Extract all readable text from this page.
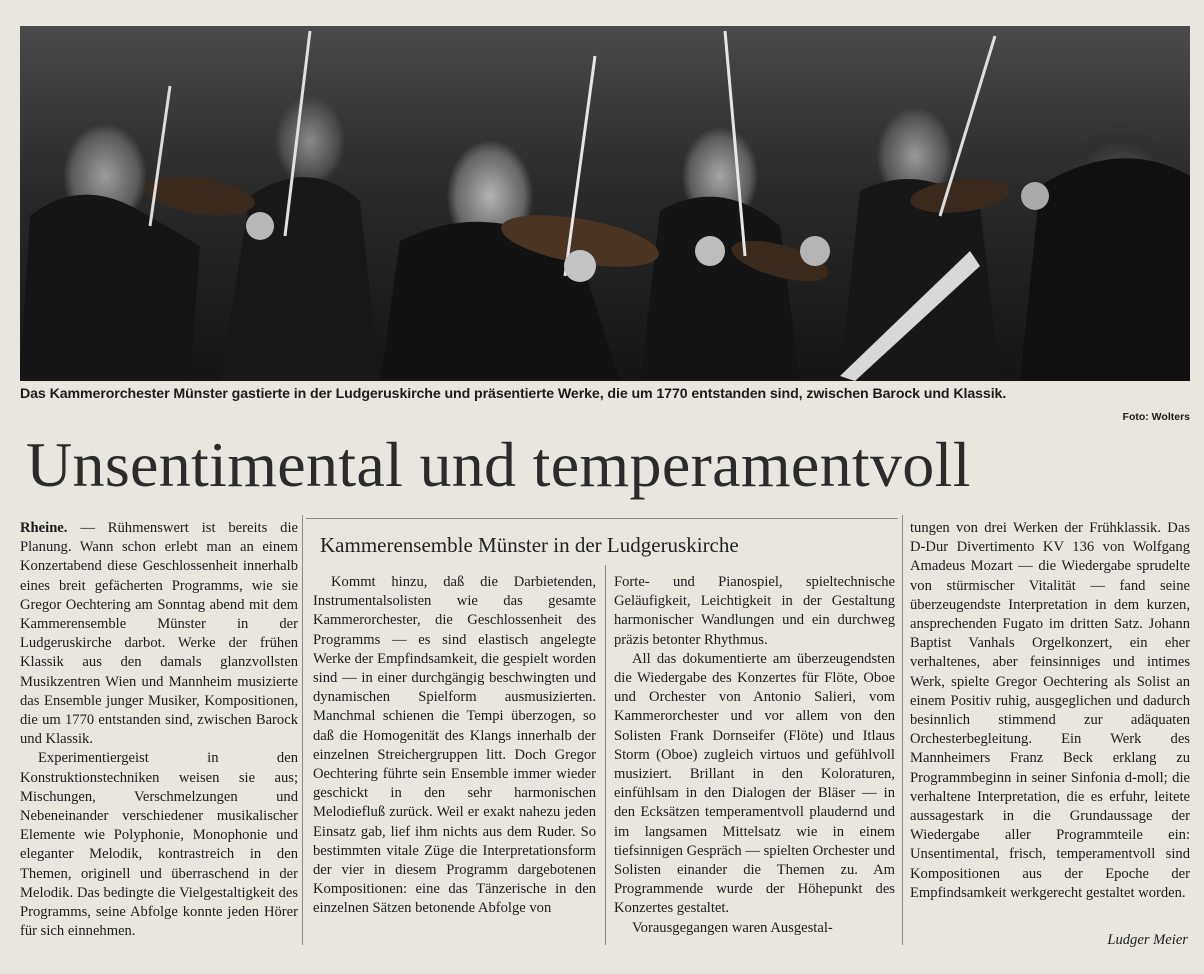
Das Kammerorchester Münster gastierte in der Ludgeruskirche und präsentierte Werke, die um 1770 entstanden sind, zwischen Barock und Klassik.
Foto: Wolters
Unsentimental und temperamentvoll
Kammerensemble Münster in der Ludgeruskirche

Rheine. — Rühmenswert ist bereits die Planung. Wann schon erlebt man an einem Konzertabend diese Geschlossenheit innerhalb eines breit gefächerten Programms, wie sie Gregor Oechtering am Sonntag abend mit dem Kammerensemble Münster in der Ludgeruskirche darbot. Werke der frühen Klassik aus den damals glanzvollsten Musikzentren Wien und Mannheim musizierte das Ensemble junger Musiker, Kompositionen, die um 1770 entstanden sind, zwischen Barock und Klassik.

Experimentiergeist in den Konstruktionstechniken weisen sie aus; Mischungen, Verschmelzungen und Nebeneinander verschiedener musikalischer Elemente wie Polyphonie, Monophonie und eleganter Melodik, kontrastreich in den Themen, originell und überraschend in der Melodik. Das bedingte die Vielgestaltigkeit des Programms, seine Abfolge konnte jeden Hörer für sich einnehmen.

Kommt hinzu, daß die Darbietenden, Instrumentalsolisten wie das gesamte Kammerorchester, die Geschlossenheit des Programms — es sind elastisch angelegte Werke der Empfindsamkeit, die gespielt worden sind — in einer durchgängig beschwingten und dynamischen Spielform ausmusizierten. Manchmal schienen die Tempi überzogen, so daß die Homogenität des Klangs innerhalb der einzelnen Streichergruppen litt. Doch Gregor Oechtering führte sein Ensemble immer wieder geschickt in den sehr harmonischen Melodiefluß zurück. Weil er exakt nahezu jeden Einsatz gab, lief ihm nichts aus dem Ruder. So bestimmten vitale Züge die Interpretationsform der vier in diesem Programm dargebotenen Kompositionen: eine das Tänzerische in den einzelnen Sätzen betonende Abfolge von

Forte- und Pianospiel, spieltechnische Geläufigkeit, Leichtigkeit in der Gestaltung harmonischer Wandlungen und ein durchweg präzis betonter Rhythmus.

All das dokumentierte am überzeugendsten die Wiedergabe des Konzertes für Flöte, Oboe und Orchester von Antonio Salieri, vom Kammerorchester und vor allem von den Solisten Frank Dornseifer (Flöte) und Itlaus Storm (Oboe) zugleich virtuos und gefühlvoll musiziert. Brillant in den Koloraturen, einfühlsam in den Dialogen der Bläser — in den Ecksätzen temperamentvoll plaudernd und im langsamen Mittelsatz wie in einem tiefsinnigen Gespräch — spielten Orchester und Solisten einander die Themen zu. Am Programmende wurde der Höhepunkt des Konzertes gestaltet.

Vorausgegangen waren Ausgestal-

tungen von drei Werken der Frühklassik. Das D-Dur Divertimento KV 136 von Wolfgang Amadeus Mozart — die Wiedergabe sprudelte von stürmischer Vitalität — fand seine überzeugendste Interpretation in dem kurzen, ansprechenden Fugato im dritten Satz. Johann Baptist Vanhals Orgelkonzert, ein eher verhaltenes, aber feinsinniges und intimes Werk, spielte Gregor Oechtering als Solist an einem Positiv ruhig, ausgeglichen und dadurch besinnlich stimmend zur adäquaten Orchesterbegleitung. Ein Werk des Mannheimers Franz Beck erklang zu Programmbeginn in seiner Sinfonia d-moll; die verhaltene Interpretation, die es erfuhr, leitete aussagestark in die Grundaussage der Wiedergabe aller Programmteile ein: Unsentimental, frisch, temperamentvoll sind Kompositionen aus der Epoche der Empfindsamkeit werkgerecht gestaltet worden.

Ludger Meier
